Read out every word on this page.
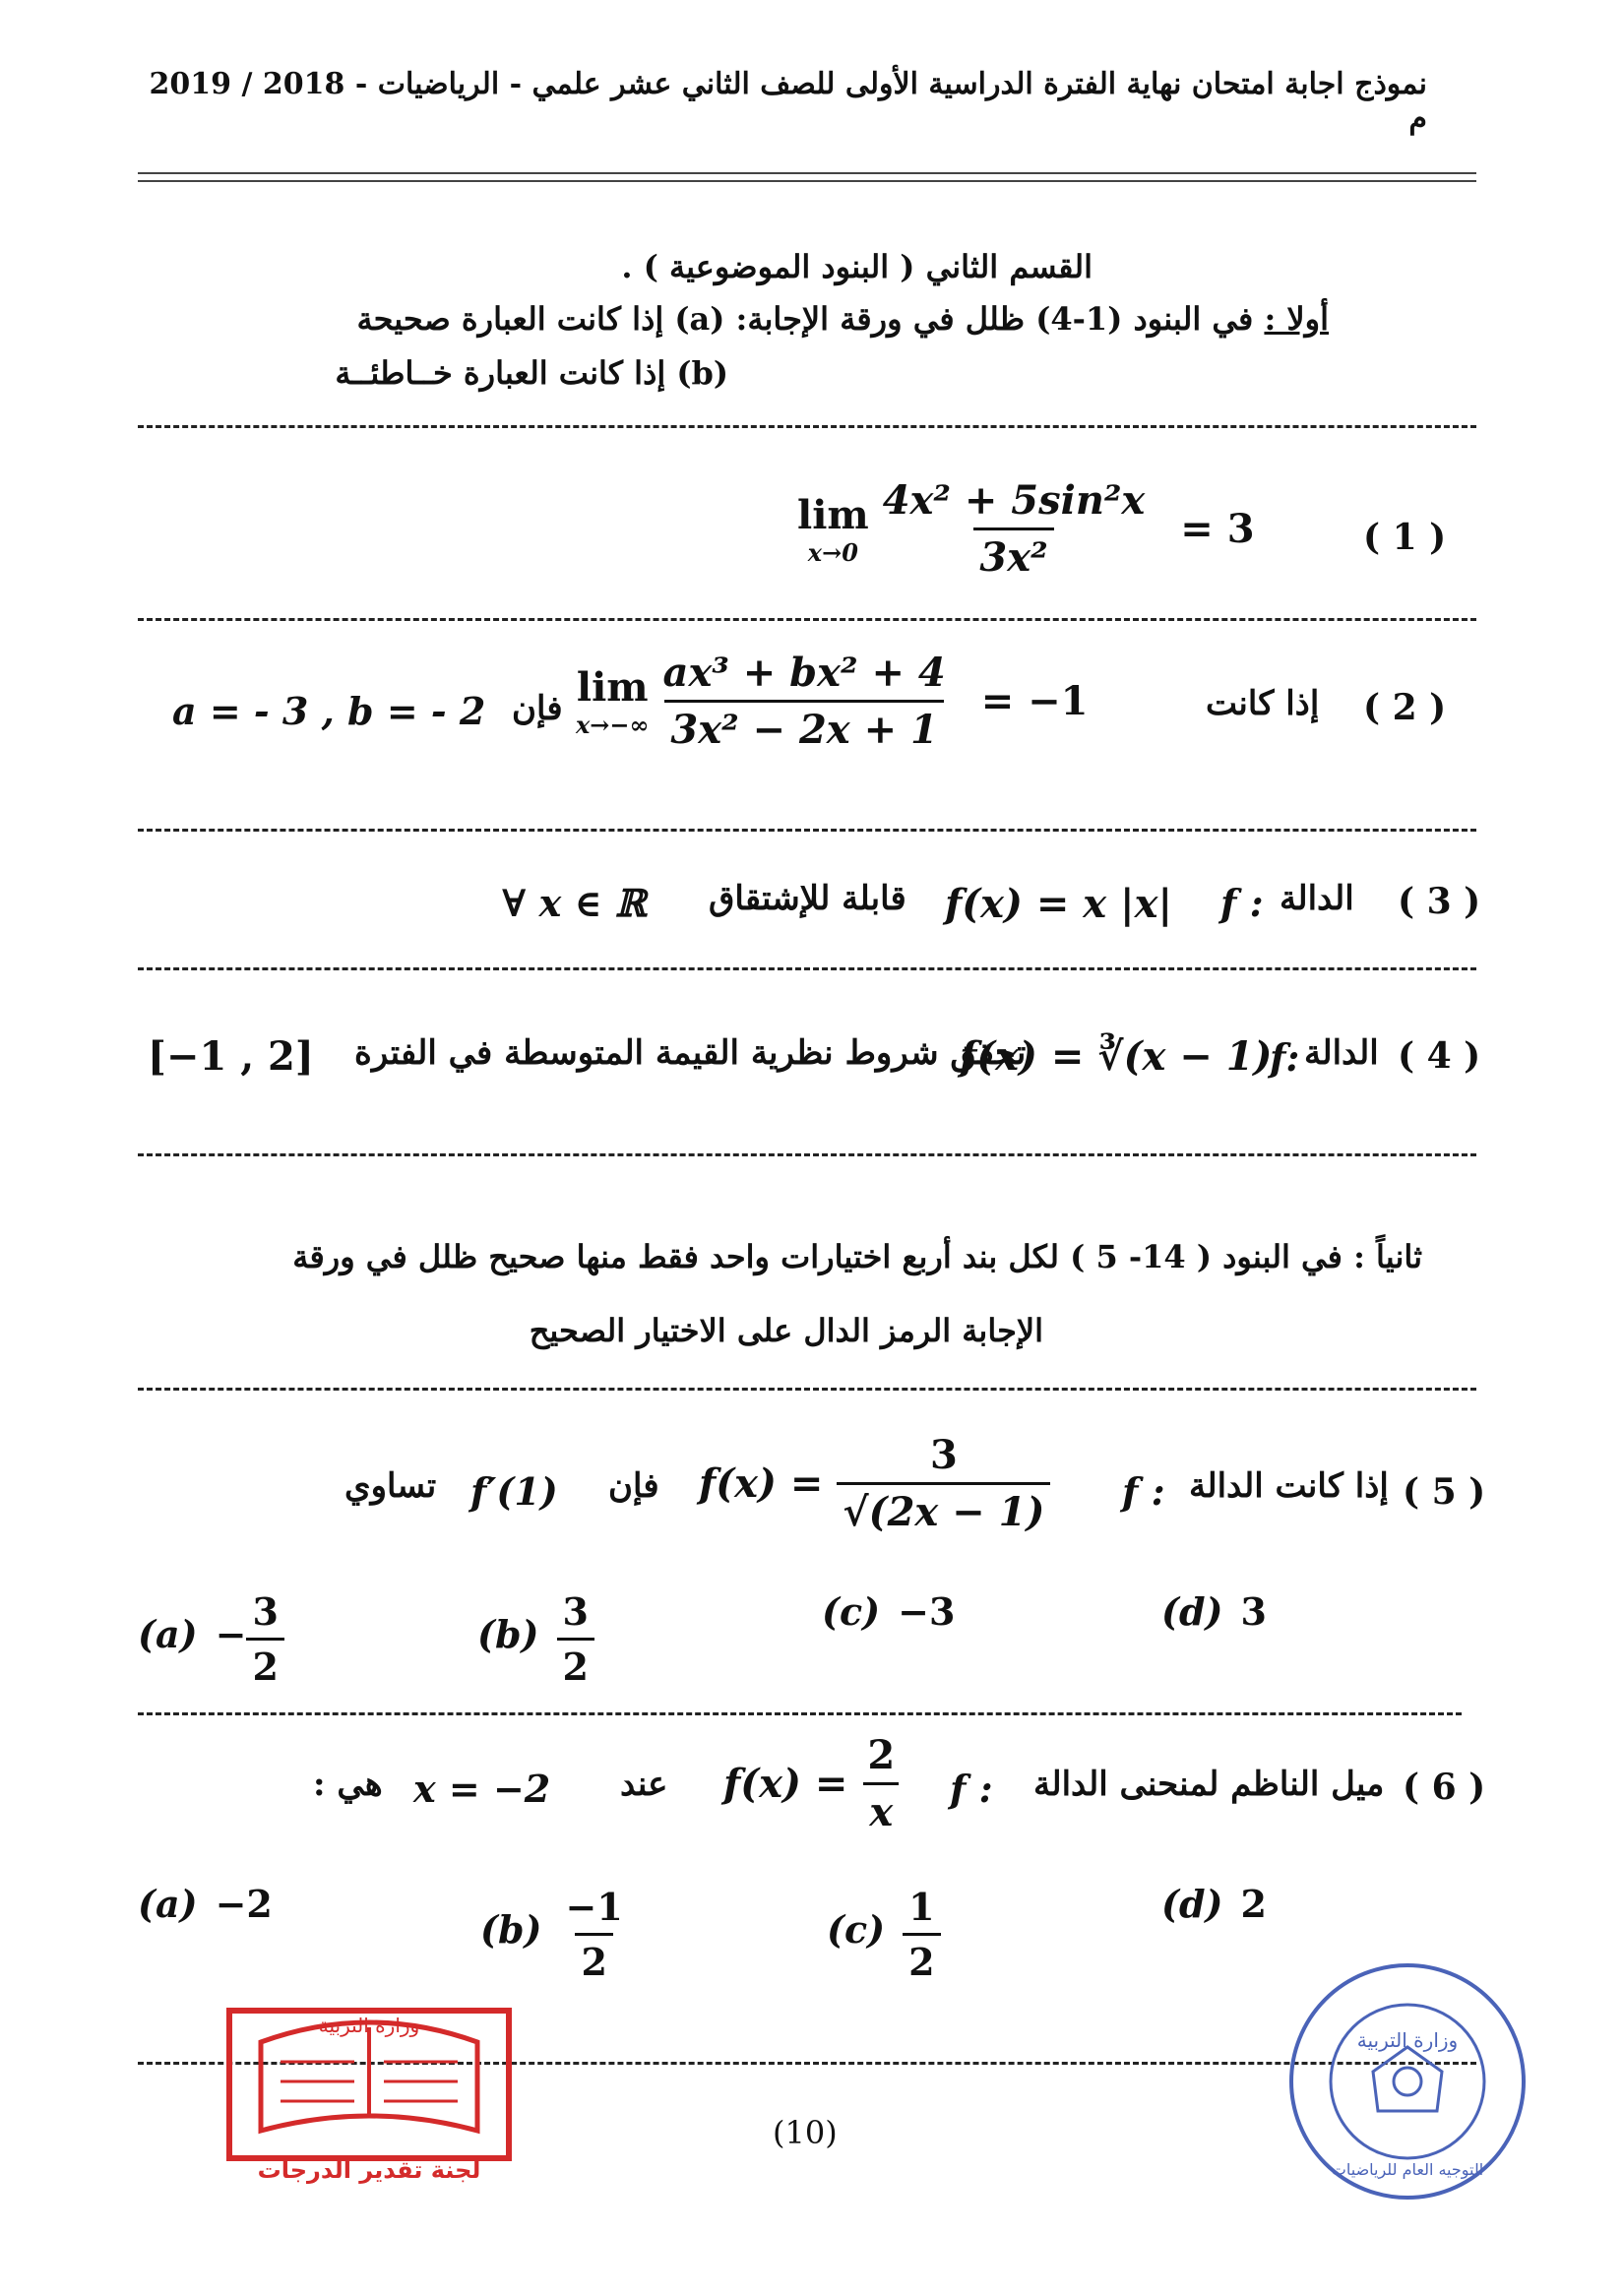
نموذج اجابة امتحان نهاية الفترة الدراسية الأولى للصف الثاني عشر علمي - الرياضيات - 2018 / 2019 م
القسم الثاني ( البنود الموضوعية ) .
أولا : في البنود (1-4) ظلل في ورقة الإجابة: (a) إذا كانت العبارة صحيحة
(b) إذا كانت العبارة خــاطئــة
( 1 )
lim
$x\to 0 \frac{\text{4x² + 5sin²x}}{\text{3x²}} = 3$
( 2 )
إذا كانت
lim
$x\to-\infty \frac{\text{ax³ + bx² + 4}}{\text{3x² − 2x + 1}} = -1$
فإن
a = - 3 , b = - 2
( 3 )
الدالة
f :
f(x) = x |x|
قابلة للإشتقاق
∀ x ∈ ℝ
( 4 )
الدالة
f:
f(x) = ∛(x − 1)
تحقق شروط نظرية القيمة المتوسطة في الفترة
[−1 , 2]
ثانياً : في البنود ( 14- 5 ) لكل بند أربع اختيارات واحد فقط منها صحيح ظلل في ورقة
الإجابة الرمز الدال على الاختيار الصحيح
( 5 )
إذا كانت الدالة
f :
$f(x) = \frac{3}{√(2x - 1)}$
فإن
f′(1)
تساوي
$(a) - \frac{3}{2}$	$(b) \frac{3}{2}$	(c) −3	(d) 3
( 6 )
ميل الناظم لمنحنى الدالة
f :
$f(x) = \frac{2}{x}$
عند
x = −2
هي :
(a) −2
$(b) \frac{-1}{2}$	$(c) \frac{1}{2}$	(d) 2
(10)
وزارة التربية
لجنة تقدير الدرجات
وزارة التربية
التوجيه العام للرياضيات
